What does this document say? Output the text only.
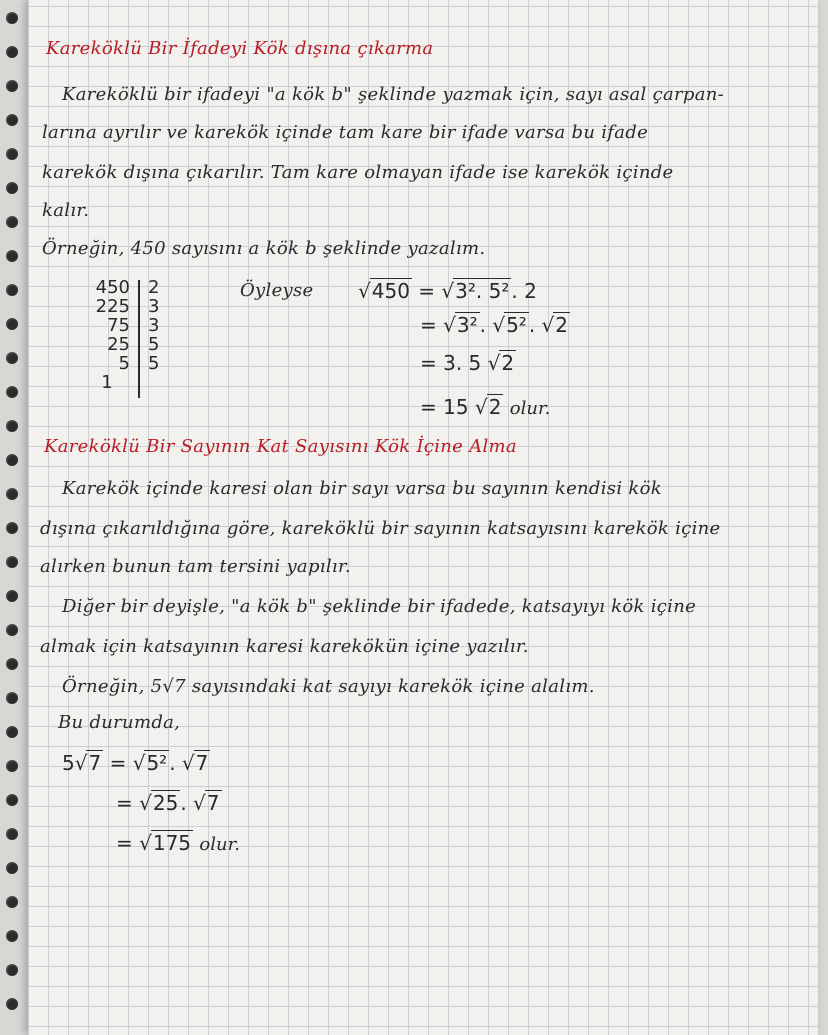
Kareköklü Bir İfadeyi Kök dışına çıkarma
Kareköklü bir ifadeyi "a kök b" şeklinde yazmak için, sayı asal çarpan-
larına ayrılır ve karekök içinde tam kare bir ifade varsa bu ifade
karekök dışına çıkarılır. Tam kare olmayan ifade ise karekök içinde
kalır.
Örneğin, 450 sayısını a kök b şeklinde yazalım.
450
225
75
25
5
1
2
3
3
5
5
Öyleyse √450 = √3². 5² . 2
= √3² . √5² . √2
= 3. 5 √2
= 15 √2 olur.
Kareköklü Bir Sayının Kat Sayısını Kök İçine Alma
Karekök içinde karesi olan bir sayı varsa bu sayının kendisi kök
dışına çıkarıldığına göre, kareköklü bir sayının katsayısını karekök içine
alırken bunun tam tersini yapılır.
Diğer bir deyişle, "a kök b" şeklinde bir ifadede, katsayıyı kök içine
almak için katsayının karesi karekökün içine yazılır.
Örneğin, 5√7 sayısındaki kat sayıyı karekök içine alalım.
Bu durumda,
5√7 = √5² . √7
= √25 . √7
= √175 olur.
